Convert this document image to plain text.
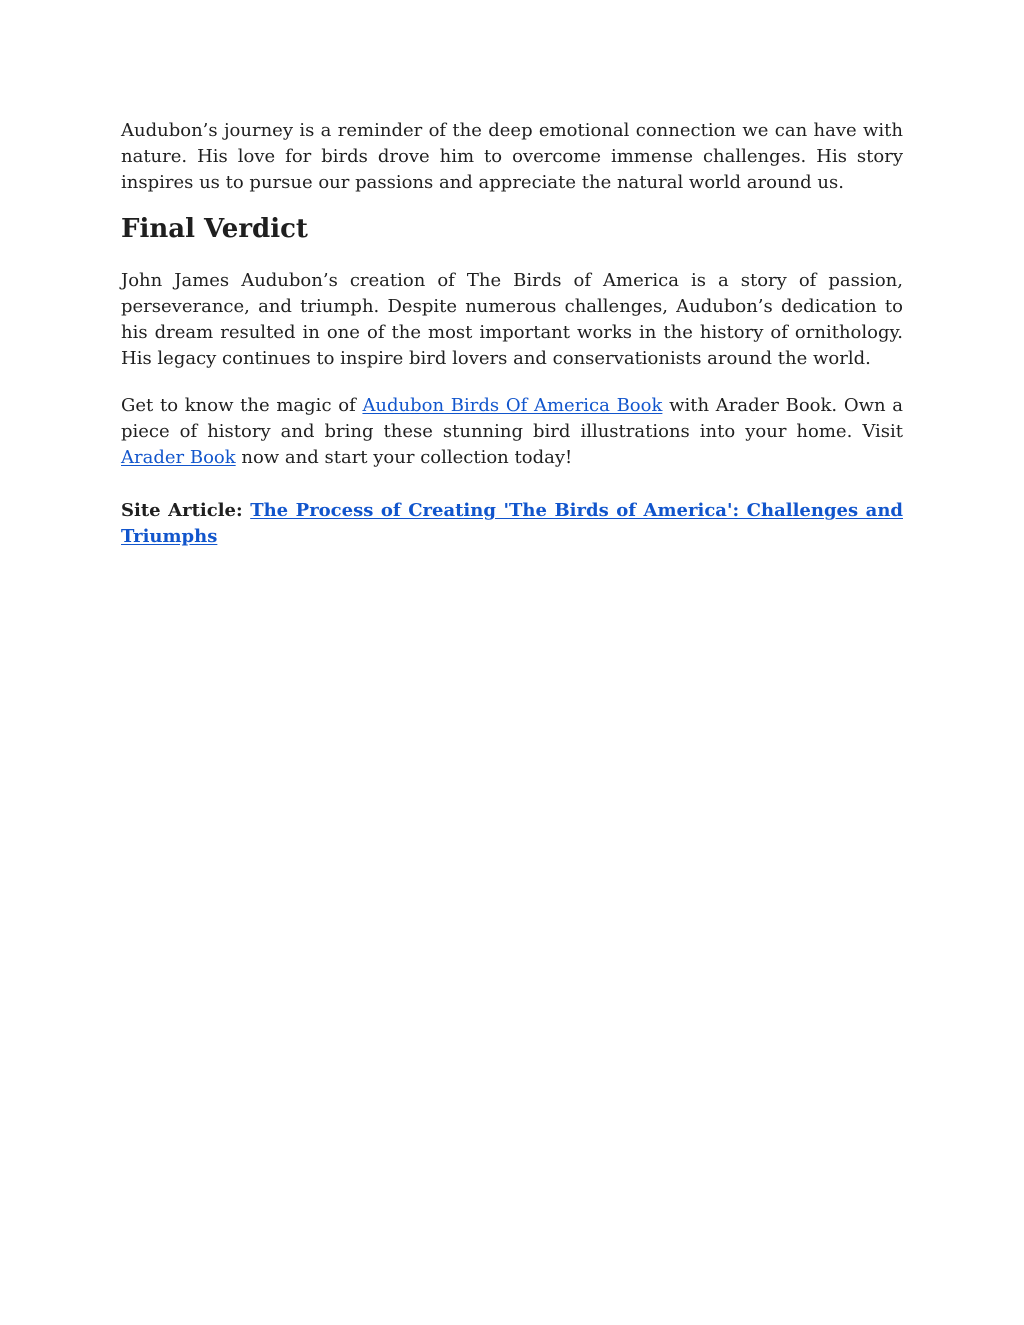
Audubon’s journey is a reminder of the deep emotional connection we can have with nature. His love for birds drove him to overcome immense challenges. His story inspires us to pursue our passions and appreciate the natural world around us.

Final Verdict

John James Audubon’s creation of The Birds of America is a story of passion, perseverance, and triumph. Despite numerous challenges, Audubon’s dedication to his dream resulted in one of the most important works in the history of ornithology. His legacy continues to inspire bird lovers and conservationists around the world.

Get to know the magic of Audubon Birds Of America Book with Arader Book. Own a piece of history and bring these stunning bird illustrations into your home. Visit Arader Book now and start your collection today!

Site Article: The Process of Creating 'The Birds of America': Challenges and Triumphs
